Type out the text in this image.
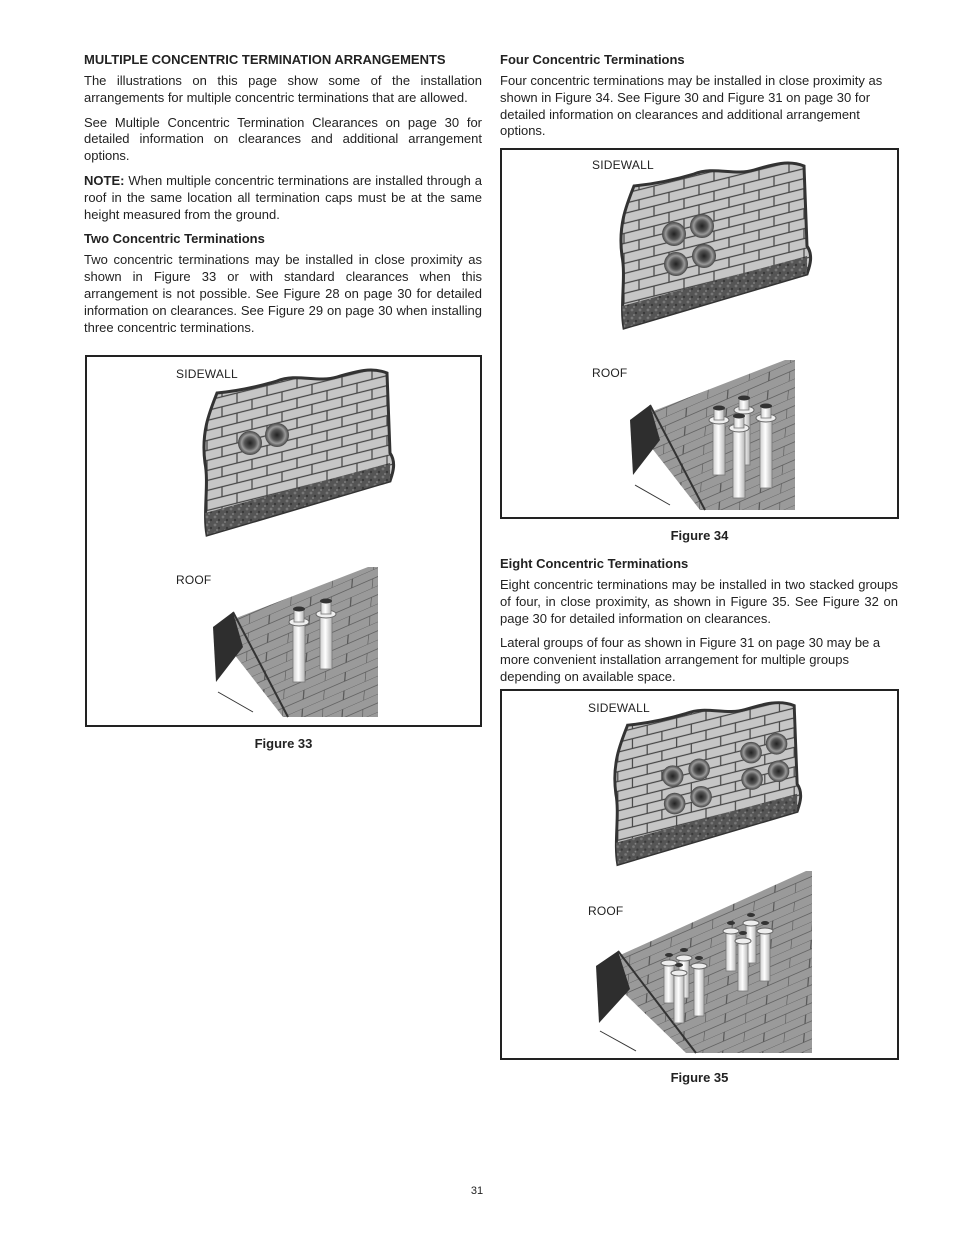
MULTIPLE CONCENTRIC TERMINATION ARRANGEMENTS

The illustrations on this page show some of the installation arrangements for multiple concentric terminations that are allowed.

See Multiple Concentric Termination Clearances on page 30 for detailed information on clearances and additional arrangement options.

NOTE: When multiple concentric terminations are installed through a roof in the same location all termination caps must be at the same height measured from the ground.

Two Concentric Terminations

Two concentric terminations may be installed in close proximity as shown in Figure 33 or with standard clearances when this arrangement is not possible. See Figure 28 on page 30 for detailed information on clearances. See Figure 29 on page 30 when installing three concentric terminations.

SIDEWALL
ROOF
Figure 33
Four Concentric Terminations

Four concentric terminations may be installed in close proximity as shown in Figure 34. See Figure 30 and Figure 31 on page 30 for detailed information on clearances and additional arrangement options.

SIDEWALL
ROOF
Figure 34
Eight Concentric Terminations

Eight concentric terminations may be installed in two stacked groups of four, in close proximity, as shown in Figure 35. See Figure 32 on page 30 for detailed information on clearances.

Lateral groups of four as shown in Figure 31 on page 30 may be a more convenient installation arrangement for multiple groups depending on available space.

SIDEWALL
ROOF
Figure 35
31
